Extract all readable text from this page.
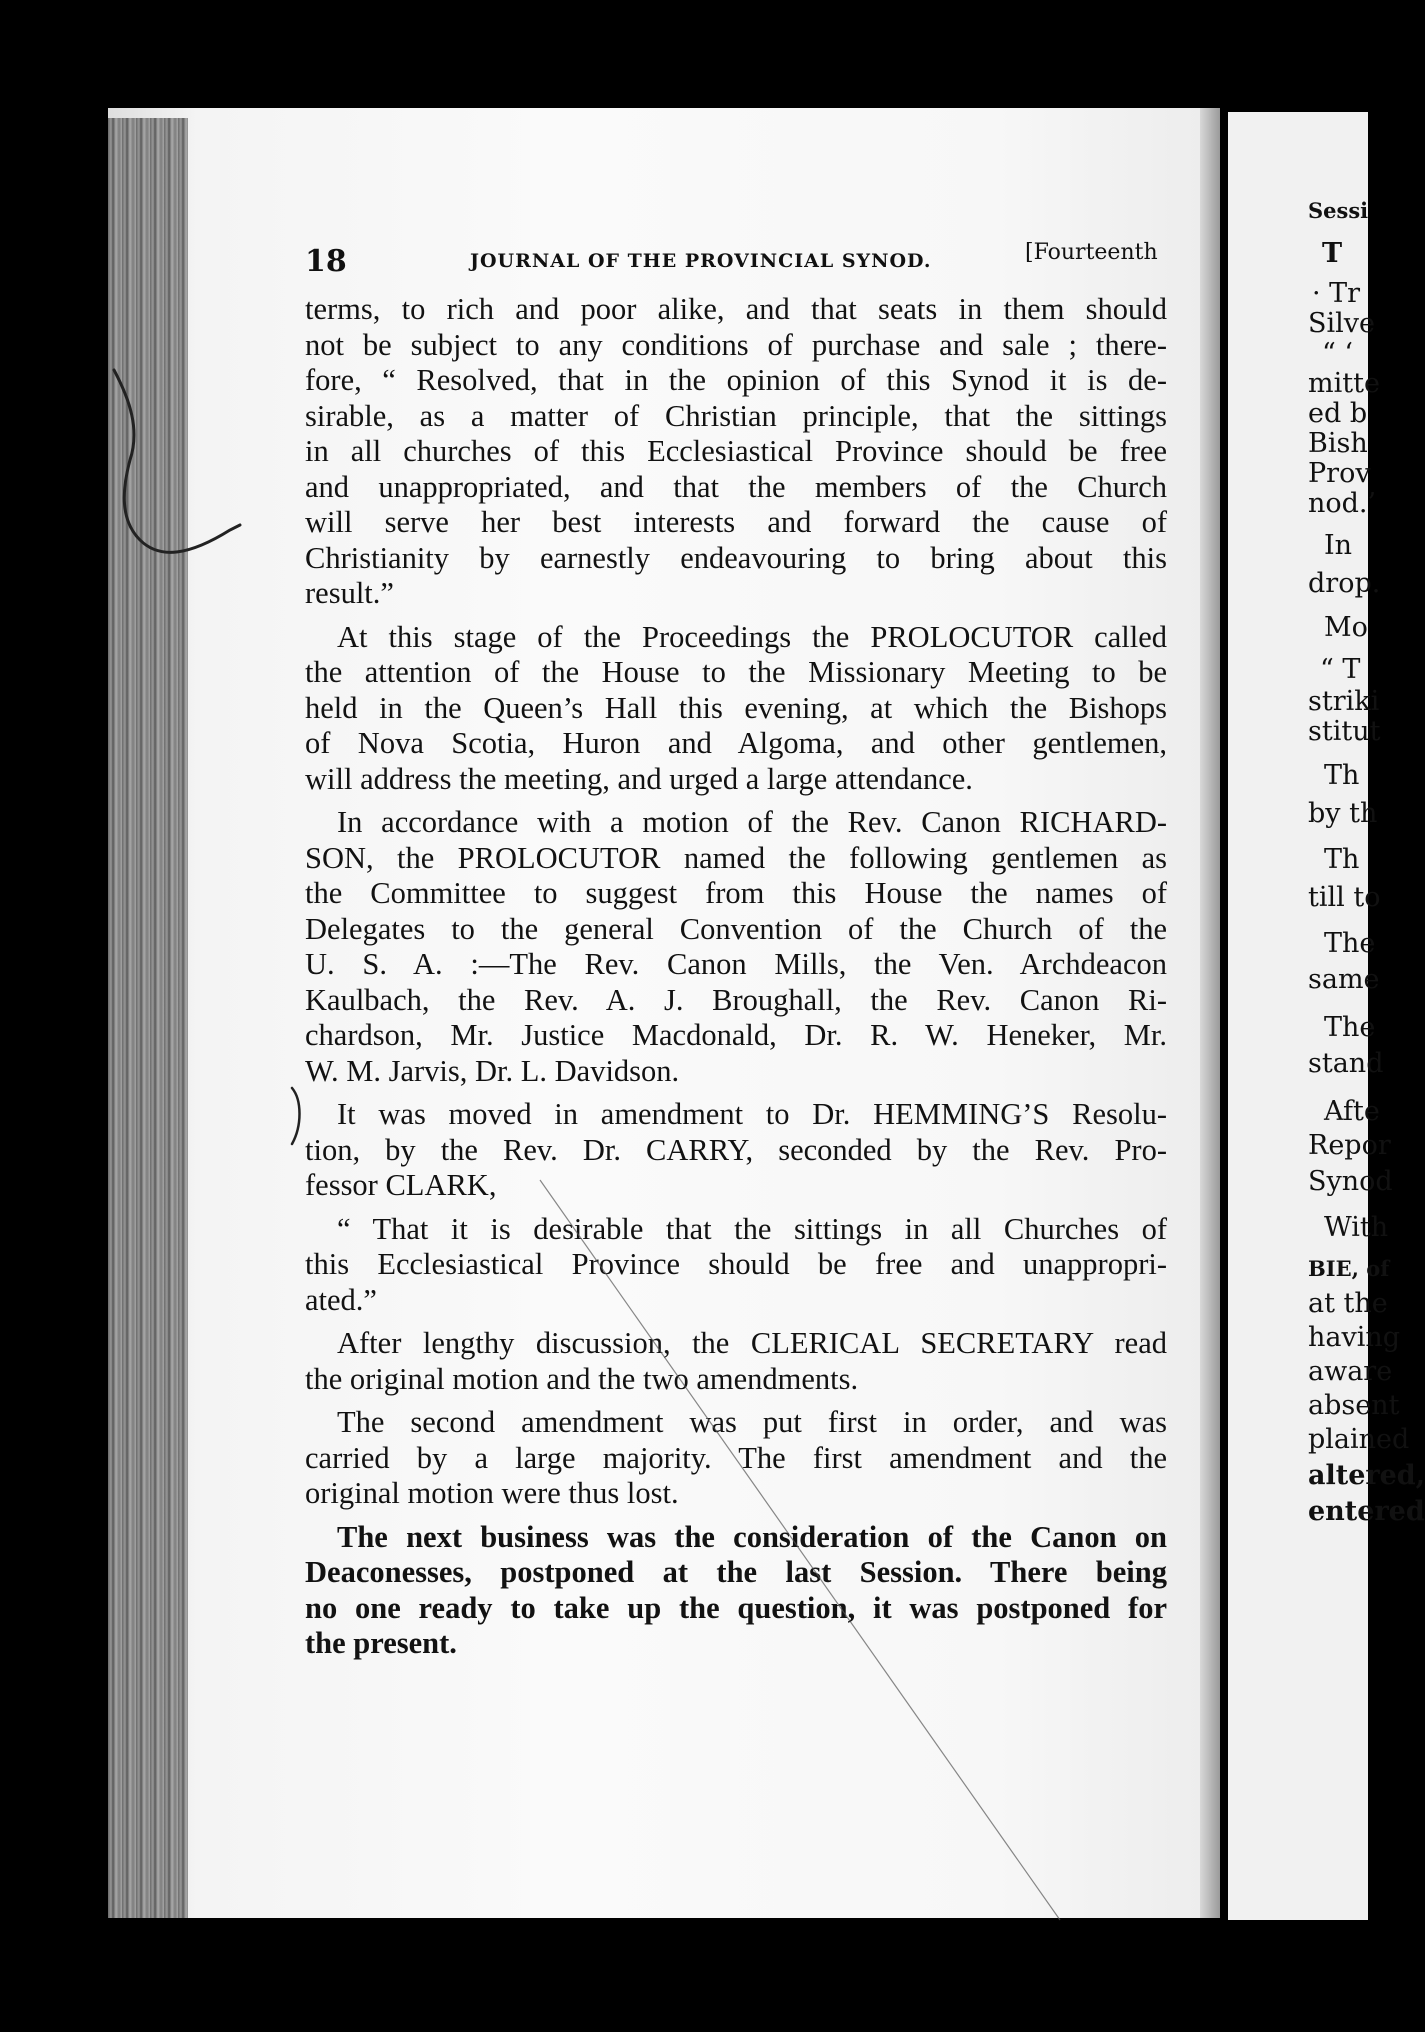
Sessi
T
· Tr
Silve
“ ‘
mitte
ed b
Bish
Prov
nod.’
In
drop.
Mo
“ T
striki
stitut
Th
by th
Th
till to
The
same
The
stand
Afte
Repor
Synod
With
BIE, of
at the
having
aware
absent
plained
altered,
entered
18	JOURNAL OF THE PROVINCIAL SYNOD.	[Fourteenth
terms, to rich and poor alike, and that seats in them should
not be subject to any conditions of purchase and sale ; there-
fore, “ Resolved, that in the opinion of this Synod it is de-
sirable, as a matter of Christian principle, that the sittings
in all churches of this Ecclesiastical Province should be free
and unappropriated, and that the members of the Church
will serve her best interests and forward the cause of
Christianity by earnestly endeavouring to bring about this
result.”
At this stage of the Proceedings the PROLOCUTOR called
the attention of the House to the Missionary Meeting to be
held in the Queen’s Hall this evening, at which the Bishops
of Nova Scotia, Huron and Algoma, and other gentlemen,
will address the meeting, and urged a large attendance.
In accordance with a motion of the Rev. Canon RICHARD-
SON, the PROLOCUTOR named the following gentlemen as
the Committee to suggest from this House the names of
Delegates to the general Convention of the Church of the
U. S. A. :—The Rev. Canon Mills, the Ven. Archdeacon
Kaulbach, the Rev. A. J. Broughall, the Rev. Canon Ri-
chardson, Mr. Justice Macdonald, Dr. R. W. Heneker, Mr.
W. M. Jarvis, Dr. L. Davidson.
It was moved in amendment to Dr. HEMMING’S Resolu-
tion, by the Rev. Dr. CARRY, seconded by the Rev. Pro-
fessor CLARK,
“ That it is desirable that the sittings in all Churches of
this Ecclesiastical Province should be free and unappropri-
ated.”
After lengthy discussion, the CLERICAL SECRETARY read
the original motion and the two amendments.
The second amendment was put first in order, and was
carried by a large majority. The first amendment and the
original motion were thus lost.
The next business was the consideration of the Canon on
Deaconesses, postponed at the last Session. There being
no one ready to take up the question, it was postponed for
the present.
